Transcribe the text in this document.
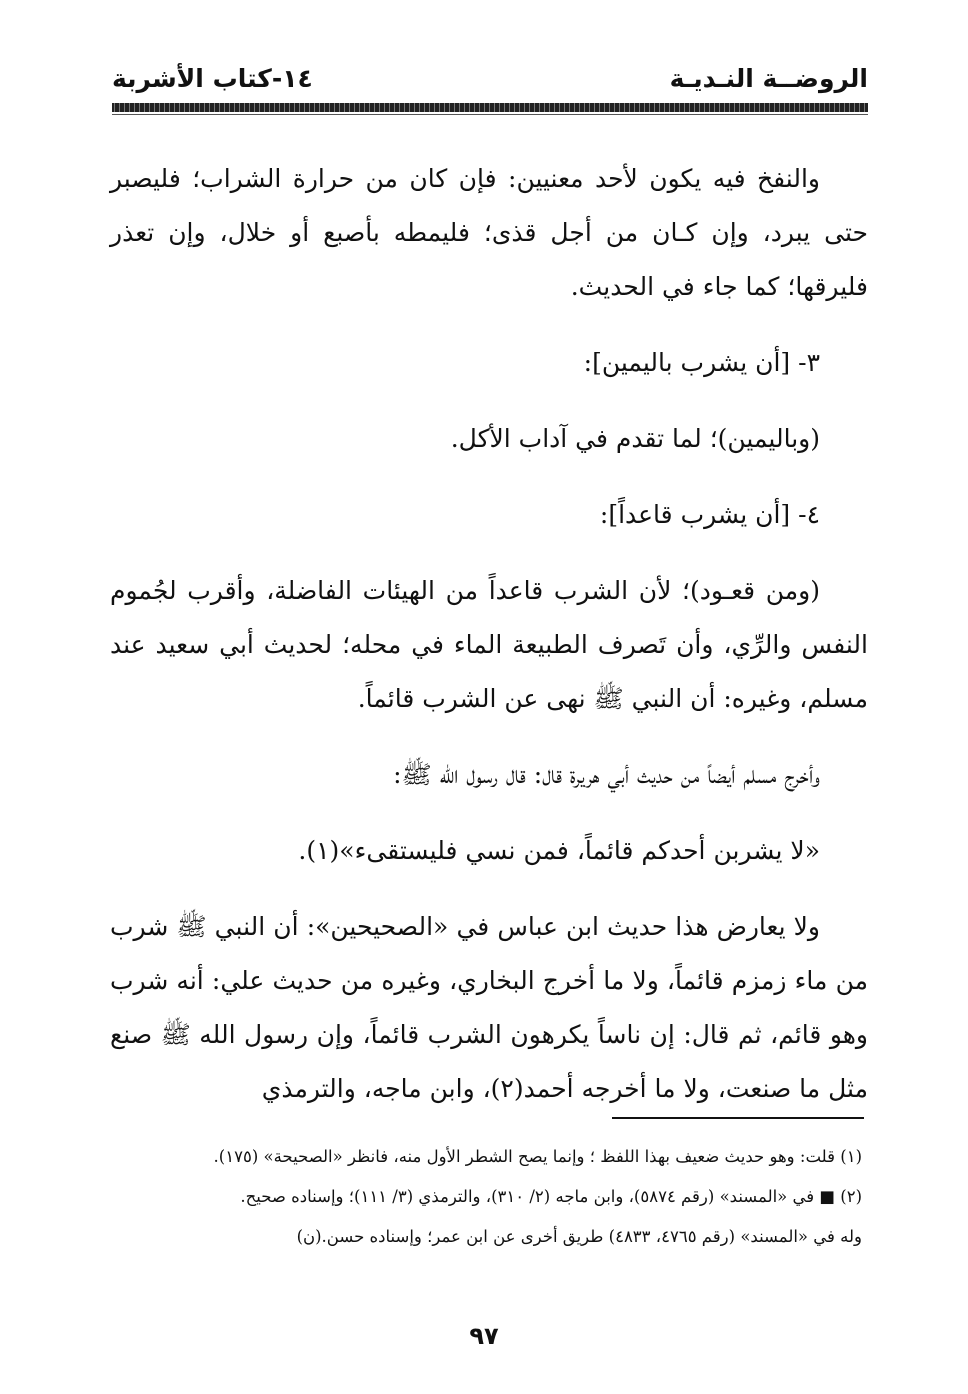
الروضــة النـديـة
١٤-كتاب الأشربة

والنفخ فيه يكون لأحد معنيين: فإن كان من حرارة الشراب؛ فليصبر حتى يبرد، وإن كـان من أجل قذى؛ فليمطه بأصبع أو خلال، وإن تعذر فليرقها؛ كما جاء في الحديث.

٣- [أن يشرب باليمين]:

(وباليمين)؛ لما تقدم في آداب الأكل.

٤- [أن يشرب قاعداً]:

(ومن قعـود)؛ لأن الشرب قاعداً من الهيئات الفاضلة، وأقرب لجُموم النفس والرِّي، وأن تَصرف الطبيعة الماء في محله؛ لحديث أبي سعيد عند مسلم، وغيره: أن النبي ﷺ نهى عن الشرب قائماً.

وأخرج مسلم أيضاً من حديث أبي هريرة قال: قال رسول الله ﷺ:

«لا يشربن أحدكم قائماً، فمن نسي فليستقىء»(١).

ولا يعارض هذا حديث ابن عباس في «الصحيحين»: أن النبي ﷺ شرب من ماء زمزم قائماً، ولا ما أخرج البخاري، وغيره من حديث علي: أنه شرب وهو قائم، ثم قال: إن ناساً يكرهون الشرب قائماً، وإن رسول الله ﷺ صنع مثل ما صنعت، ولا ما أخرجه أحمد(٢)، وابن ماجه، والترمذي

(١) قلت: وهو حديث ضعيف بهذا اللفظ ؛ وإنما يصح الشطر الأول منه، فانظر «الصحيحة» (١٧٥).

(٢) ■ في «المسند» (رقم ٥٨٧٤)، وابن ماجه (٢/ ٣١٠)، والترمذي (٣/ ١١١)؛ وإسناده صحيح.

وله في «المسند» (رقم ٤٧٦٥، ٤٨٣٣) طريق أخرى عن ابن عمر؛ وإسناده حسن.(ن)

٩٧
